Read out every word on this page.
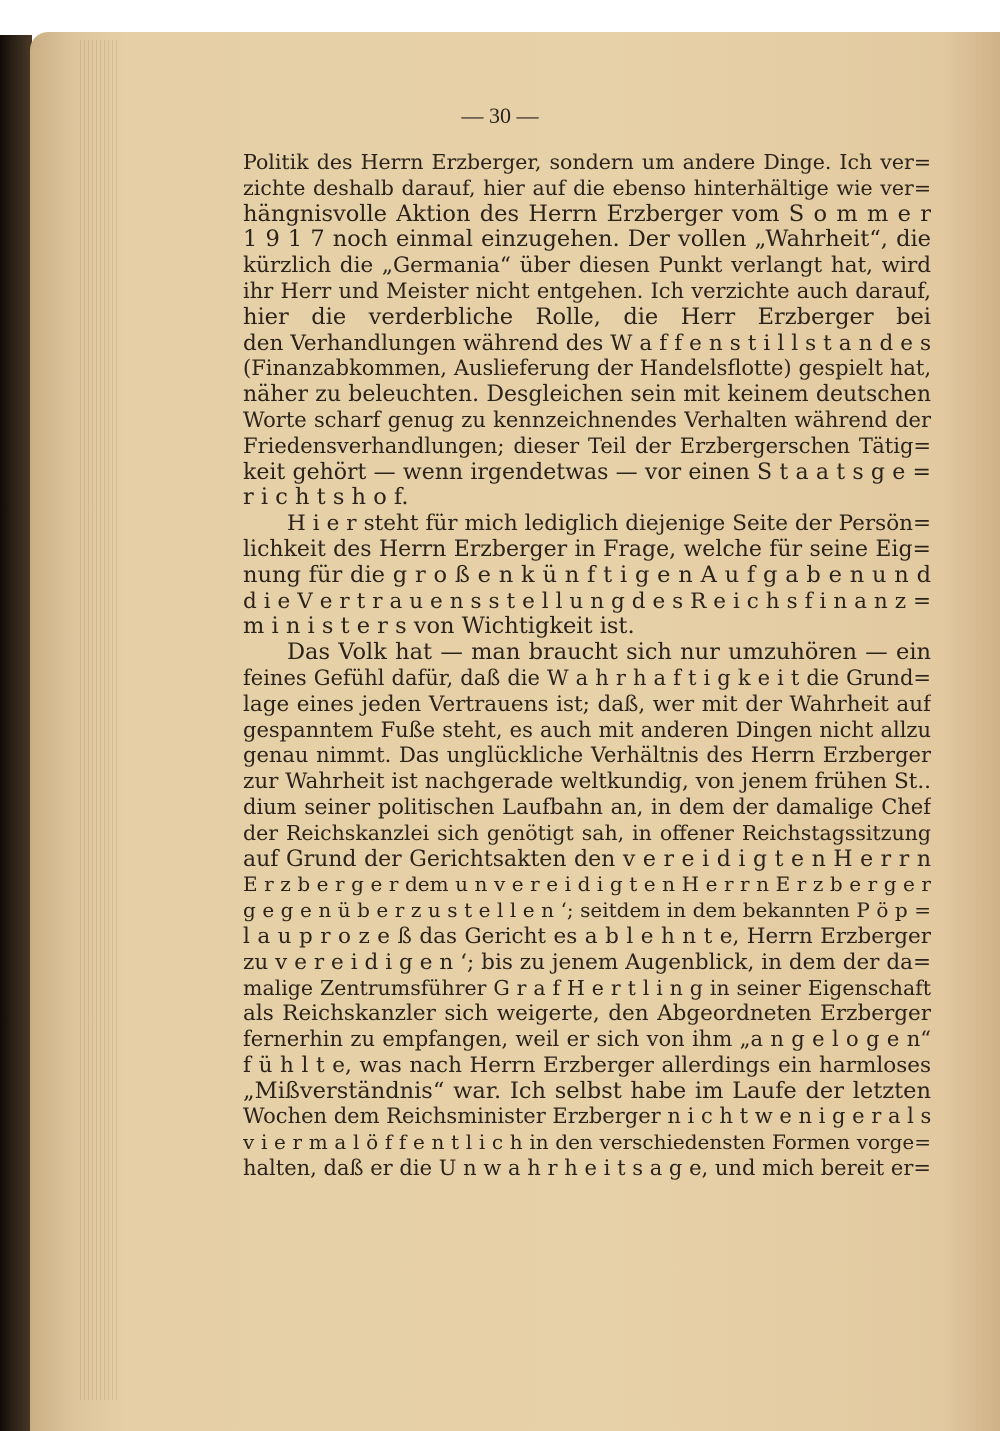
— 30 —
Politik des Herrn Erzberger, sondern um andere Dinge. Ich ver=
zichte deshalb darauf, hier auf die ebenso hinterhältige wie ver=
hängnisvolle Aktion des Herrn Erzberger vom S o m m e r
1 9 1 7 noch einmal einzugehen. Der vollen „Wahrheit“, die
kürzlich die „Germania“ über diesen Punkt verlangt hat, wird
ihr Herr und Meister nicht entgehen. Ich verzichte auch darauf,
hier die verderbliche Rolle, die Herr Erzberger bei
den Verhandlungen während des W a f f e n s t i l l s t a n d e s
(Finanzabkommen, Auslieferung der Handelsflotte) gespielt hat,
näher zu beleuchten. Desgleichen sein mit keinem deutschen
Worte scharf genug zu kennzeichnendes Verhalten während der
Friedensverhandlungen; dieser Teil der Erzbergerschen Tätig=
keit gehört — wenn irgendetwas — vor einen S t a a t s g e =
r i c h t s h o f.
H i e r steht für mich lediglich diejenige Seite der Persön=
lichkeit des Herrn Erzberger in Frage, welche für seine Eig=
nung für die g r o ß e n k ü n f t i g e n A u f g a b e n u n d
d i e V e r t r a u e n s s t e l l u n g d e s R e i c h s f i n a n z =
m i n i s t e r s von Wichtigkeit ist.
Das Volk hat — man braucht sich nur umzuhören — ein
feines Gefühl dafür, daß die W a h r h a f t i g k e i t die Grund=
lage eines jeden Vertrauens ist; daß, wer mit der Wahrheit auf
gespanntem Fuße steht, es auch mit anderen Dingen nicht allzu
genau nimmt. Das unglückliche Verhältnis des Herrn Erzberger
zur Wahrheit ist nachgerade weltkundig, von jenem frühen St..
dium seiner politischen Laufbahn an, in dem der damalige Chef
der Reichskanzlei sich genötigt sah, in offener Reichstagssitzung
auf Grund der Gerichtsakten den v e r e i d i g t e n H e r r n
E r z b e r g e r dem u n v e r e i d i g t e n H e r r n E r z b e r g e r
g e g e n ü b e r z u s t e l l e n ‘; seitdem in dem bekannten P ö p =
l a u p r o z e ß das Gericht es a b l e h n t e, Herrn Erzberger
zu v e r e i d i g e n ‘; bis zu jenem Augenblick, in dem der da=
malige Zentrumsführer G r a f H e r t l i n g in seiner Eigenschaft
als Reichskanzler sich weigerte, den Abgeordneten Erzberger
fernerhin zu empfangen, weil er sich von ihm „a n g e l o g e n“
f ü h l t e, was nach Herrn Erzberger allerdings ein harmloses
„Mißverständnis“ war. Ich selbst habe im Laufe der letzten
Wochen dem Reichsminister Erzberger n i c h t w e n i g e r a l s
v i e r m a l ö f f e n t l i c h in den verschiedensten Formen vorge=
halten, daß er die U n w a h r h e i t s a g e, und mich bereit er=
